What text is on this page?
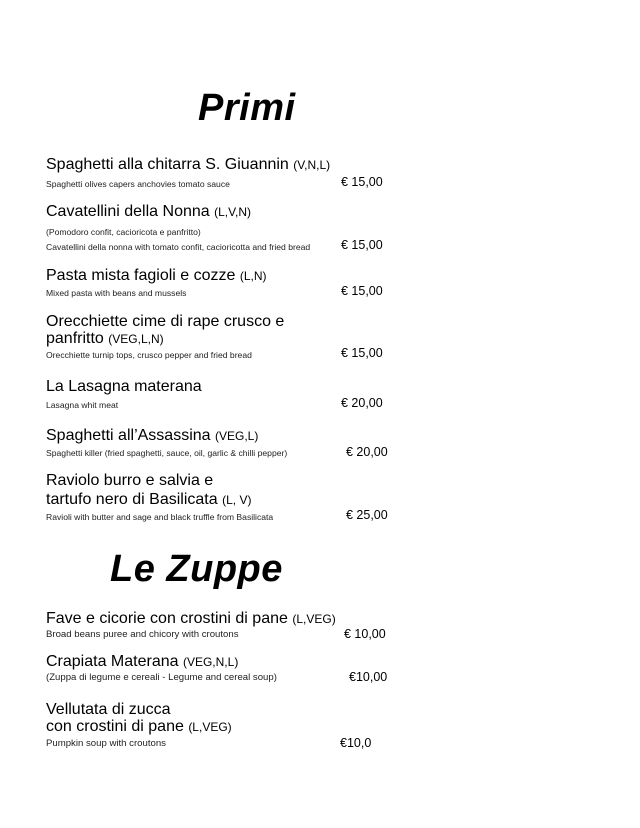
Primi
Spaghetti alla chitarra S. Giuannin (V,N,L)
Spaghetti olives capers anchovies tomato sauce	€ 15,00
Cavatellini della Nonna (L,V,N)
(Pomodoro confit, cacioricota e panfritto)
Cavatellini della nonna with tomato confit, cacioricotta and fried bread € 15,00
Pasta mista fagioli e cozze (L,N)
Mixed pasta with beans and mussels	€ 15,00
Orecchiette cime di rape crusco e
panfritto (VEG,L,N)
Orecchiette turnip tops, crusco pepper and fried bread	€ 15,00
La Lasagna materana
Lasagna whit meat	€ 20,00
Spaghetti all’Assassina (VEG,L)
Spaghetti killer (fried spaghetti, sauce, oil, garlic & chilli pepper)	€ 20,00
Raviolo burro e salvia e
tartufo nero di Basilicata (L, V)
Ravioli with butter and sage and black truffle from Basilicata	€ 25,00
Le Zuppe
Fave e cicorie con crostini di pane (L,VEG)
Broad beans puree and chicory with croutons	€ 10,00
Crapiata Materana (VEG,N,L)
(Zuppa di legume e cereali - Legume and cereal soup)	€10,00
Vellutata di zucca
con crostini di pane (L,VEG)
Pumpkin soup with croutons	€10,0
